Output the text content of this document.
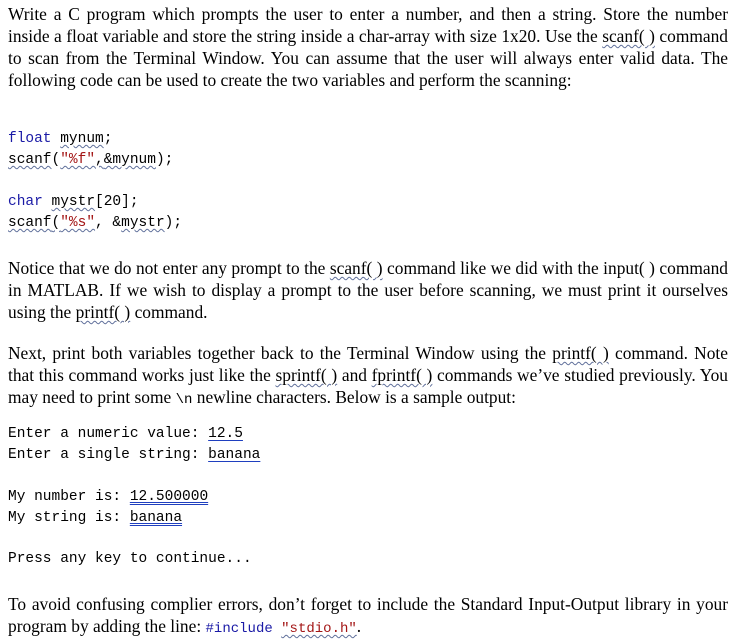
Write a C program which prompts the user to enter a number, and then a string. Store the number inside a float variable and store the string inside a char-array with size 1x20. Use the scanf( ) command to scan from the Terminal Window. You can assume that the user will always enter valid data. The following code can be used to create the two variables and perform the scanning:

float mynum;
scanf("%f",&mynum);
char mystr[20];
scanf("%s", &mystr);

Notice that we do not enter any prompt to the scanf( ) command like we did with the input( ) command in MATLAB. If we wish to display a prompt to the user before scanning, we must print it ourselves using the printf( ) command.

Next, print both variables together back to the Terminal Window using the printf( ) command. Note that this command works just like the sprintf( ) and fprintf( ) commands we’ve studied previously. You may need to print some \n newline characters. Below is a sample output:

Enter a numeric value: 12.5
Enter a single string: banana
My number is: 12.500000
My string is: banana
Press any key to continue...

To avoid confusing complier errors, don’t forget to include the Standard Input-Output library in your program by adding the line: #include "stdio.h".
